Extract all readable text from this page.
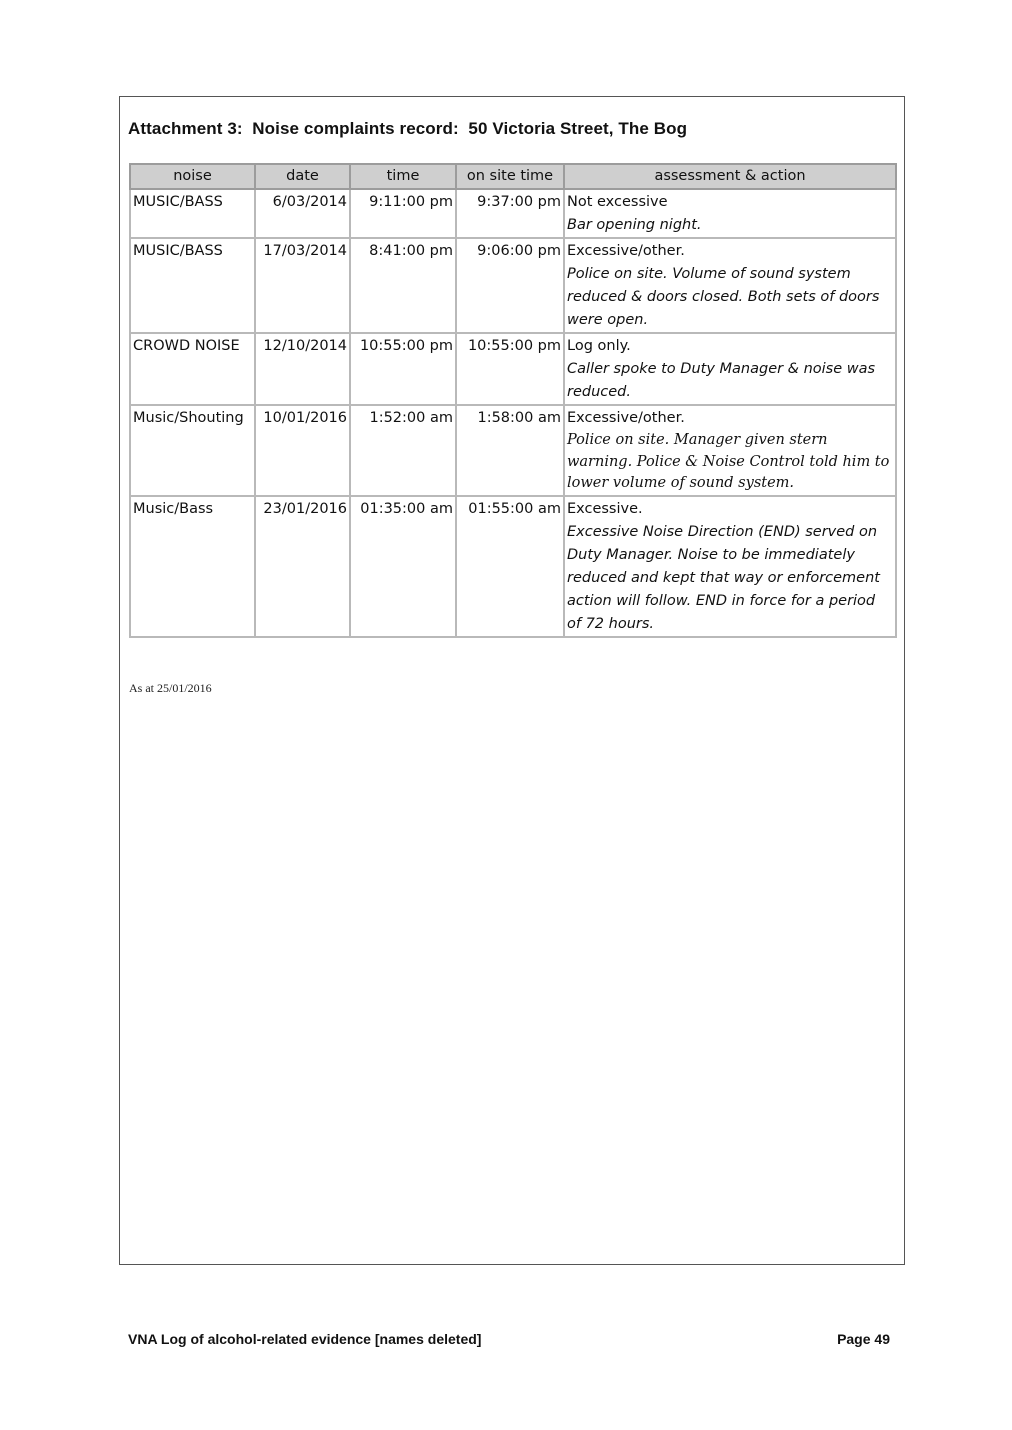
Attachment 3:  Noise complaints record:  50 Victoria Street, The Bog
noise	date	time	on site time	assessment & action
MUSIC/BASS	6/03/2014	9:11:00 pm	9:37:00 pm	Not excessive
Bar opening night.

MUSIC/BASS	17/03/2014	8:41:00 pm	9:06:00 pm	Excessive/other.
Police on site. Volume of sound system reduced & doors closed. Both sets of doors were open.

CROWD NOISE	12/10/2014	10:55:00 pm	10:55:00 pm	Log only.
Caller spoke to Duty Manager & noise was reduced.

Music/Shouting	10/01/2016	1:52:00 am	1:58:00 am	Excessive/other.
Police on site. Manager given stern warning. Police & Noise Control told him to lower volume of sound system.

Music/Bass	23/01/2016	01:35:00 am	01:55:00 am	Excessive.
Excessive Noise Direction (END) served on Duty Manager. Noise to be immediately reduced and kept that way or enforcement action will follow. END in force for a period of 72 hours.

As at 25/01/2016

VNA Log of alcohol-related evidence [names deleted]	Page 49
